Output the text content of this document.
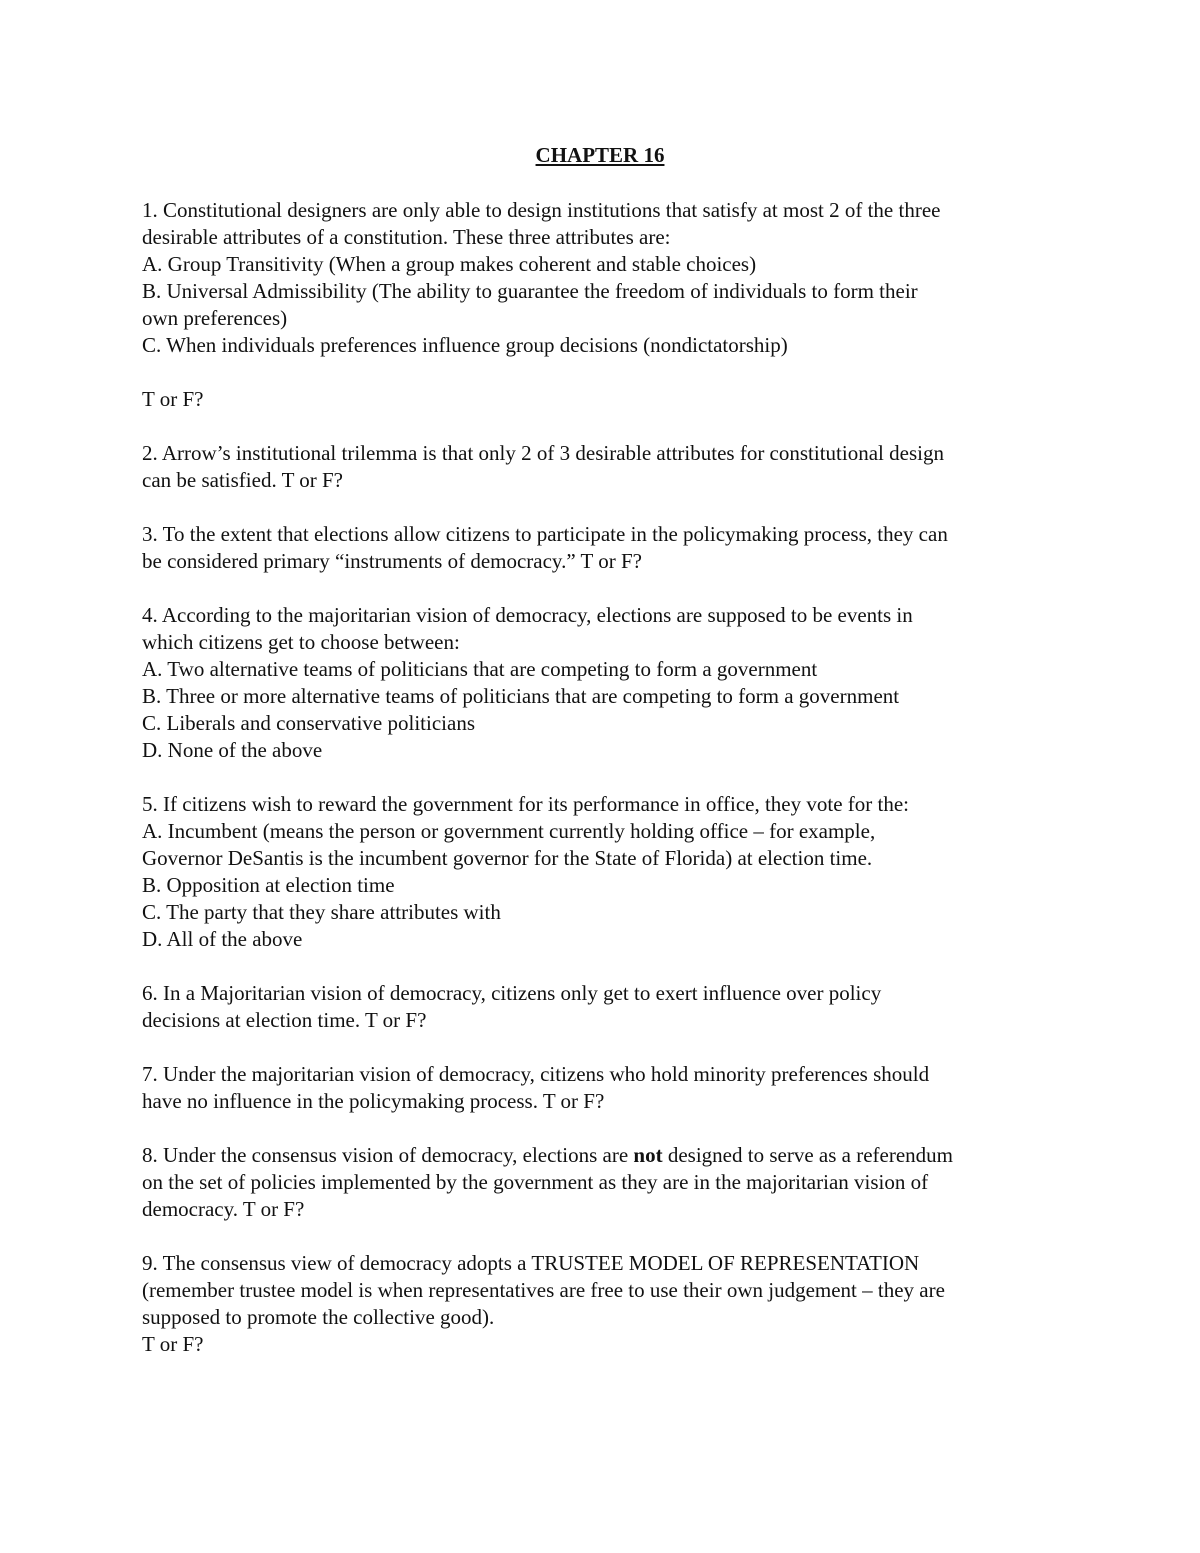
CHAPTER 16
1. Constitutional designers are only able to design institutions that satisfy at most 2 of the three
desirable attributes of a constitution. These three attributes are:
A. Group Transitivity (When a group makes coherent and stable choices)
B. Universal Admissibility (The ability to guarantee the freedom of individuals to form their
own preferences)
C. When individuals preferences influence group decisions (nondictatorship)
T or F?
2. Arrow’s institutional trilemma is that only 2 of 3 desirable attributes for constitutional design
can be satisfied. T or F?
3. To the extent that elections allow citizens to participate in the policymaking process, they can
be considered primary “instruments of democracy.” T or F?
4. According to the majoritarian vision of democracy, elections are supposed to be events in
which citizens get to choose between:
A. Two alternative teams of politicians that are competing to form a government
B. Three or more alternative teams of politicians that are competing to form a government
C. Liberals and conservative politicians
D. None of the above
5. If citizens wish to reward the government for its performance in office, they vote for the:
A. Incumbent (means the person or government currently holding office – for example,
Governor DeSantis is the incumbent governor for the State of Florida) at election time.
B. Opposition at election time
C. The party that they share attributes with
D. All of the above
6. In a Majoritarian vision of democracy, citizens only get to exert influence over policy
decisions at election time. T or F?
7. Under the majoritarian vision of democracy, citizens who hold minority preferences should
have no influence in the policymaking process. T or F?
8. Under the consensus vision of democracy, elections are not designed to serve as a referendum
on the set of policies implemented by the government as they are in the majoritarian vision of
democracy. T or F?
9. The consensus view of democracy adopts a TRUSTEE MODEL OF REPRESENTATION
(remember trustee model is when representatives are free to use their own judgement – they are
supposed to promote the collective good).
T or F?
